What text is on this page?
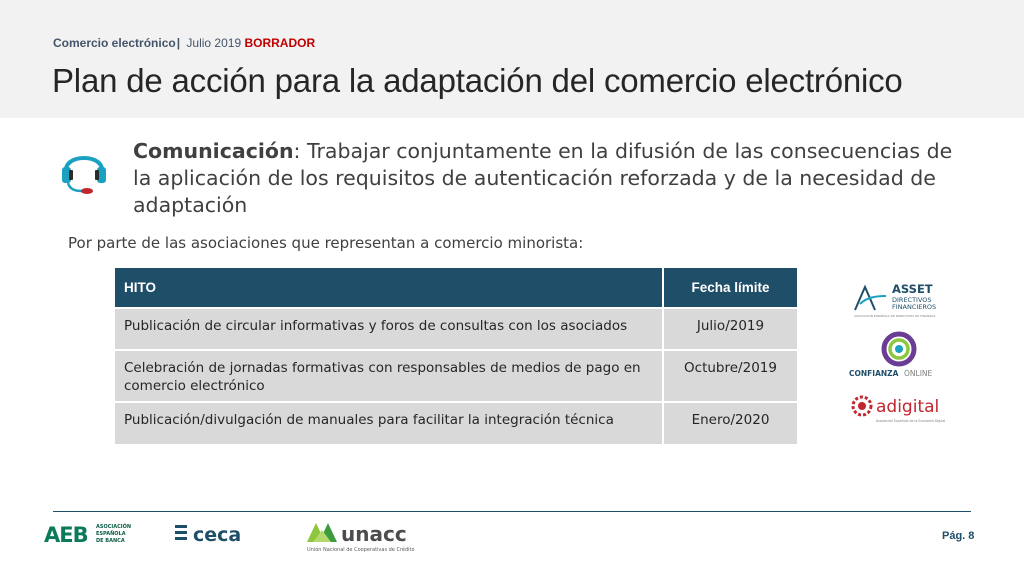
Comercio electrónico| Julio 2019 BORRADOR
Plan de acción para la adaptación del comercio electrónico
Comunicación: Trabajar conjuntamente en la difusión de las consecuencias de la aplicación de los requisitos de autenticación reforzada y de la necesidad de adaptación
Por parte de las asociaciones que representan a comercio minorista:
HITO	Fecha límite
Publicación de circular informativas y foros de consultas con los asociados	Julio/2019
Celebración de jornadas formativas con responsables de medios de pago en comercio electrónico	Octubre/2019
Publicación/divulgación de manuales para facilitar la integración técnica	Enero/2020
ASSET
DIRECTIVOS
FINANCIEROS
ASOCIACIÓN ESPAÑOLA DE DIRECTIVOS DE FINANZAS
CONFIANZA ONLINE
adigital
Asociación Española de la Economía Digital
AEB ASOCIACIÓN
ESPAÑOLA
DE BANCA	ceca	unacc
Unión Nacional de Cooperativas de Crédito
Pág. 8
